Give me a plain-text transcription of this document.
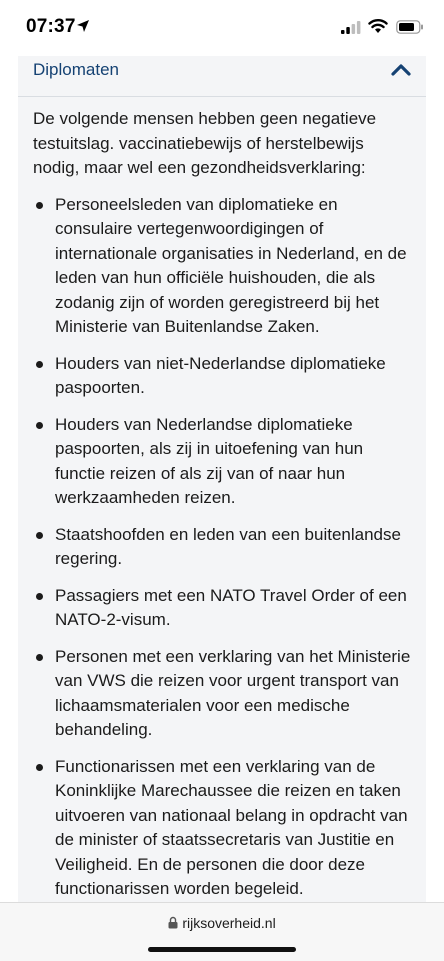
07:37
Diplomaten

De volgende mensen hebben geen negatieve testuitslag. vaccinatiebewijs of herstelbewijs nodig, maar wel een gezondheidsverklaring:

Personeelsleden van diplomatieke en consulaire vertegenwoordigingen of internationale organisaties in Nederland, en de leden van hun officiële huishouden, die als zodanig zijn of worden geregistreerd bij het Ministerie van Buitenlandse Zaken.
Houders van niet-Nederlandse diplomatieke paspoorten.
Houders van Nederlandse diplomatieke paspoorten, als zij in uitoefening van hun functie reizen of als zij van of naar hun werkzaamheden reizen.
Staatshoofden en leden van een buitenlandse regering.
Passagiers met een NATO Travel Order of een NATO-2-visum.
Personen met een verklaring van het Ministerie van VWS die reizen voor urgent transport van lichaamsmaterialen voor een medische behandeling.
Functionarissen met een verklaring van de Koninklijke Marechaussee die reizen en taken uitvoeren van nationaal belang in opdracht van de minister of staatssecretaris van Justitie en Veiligheid. En de personen die door deze functionarissen worden begeleid.
rijksoverheid.nl
